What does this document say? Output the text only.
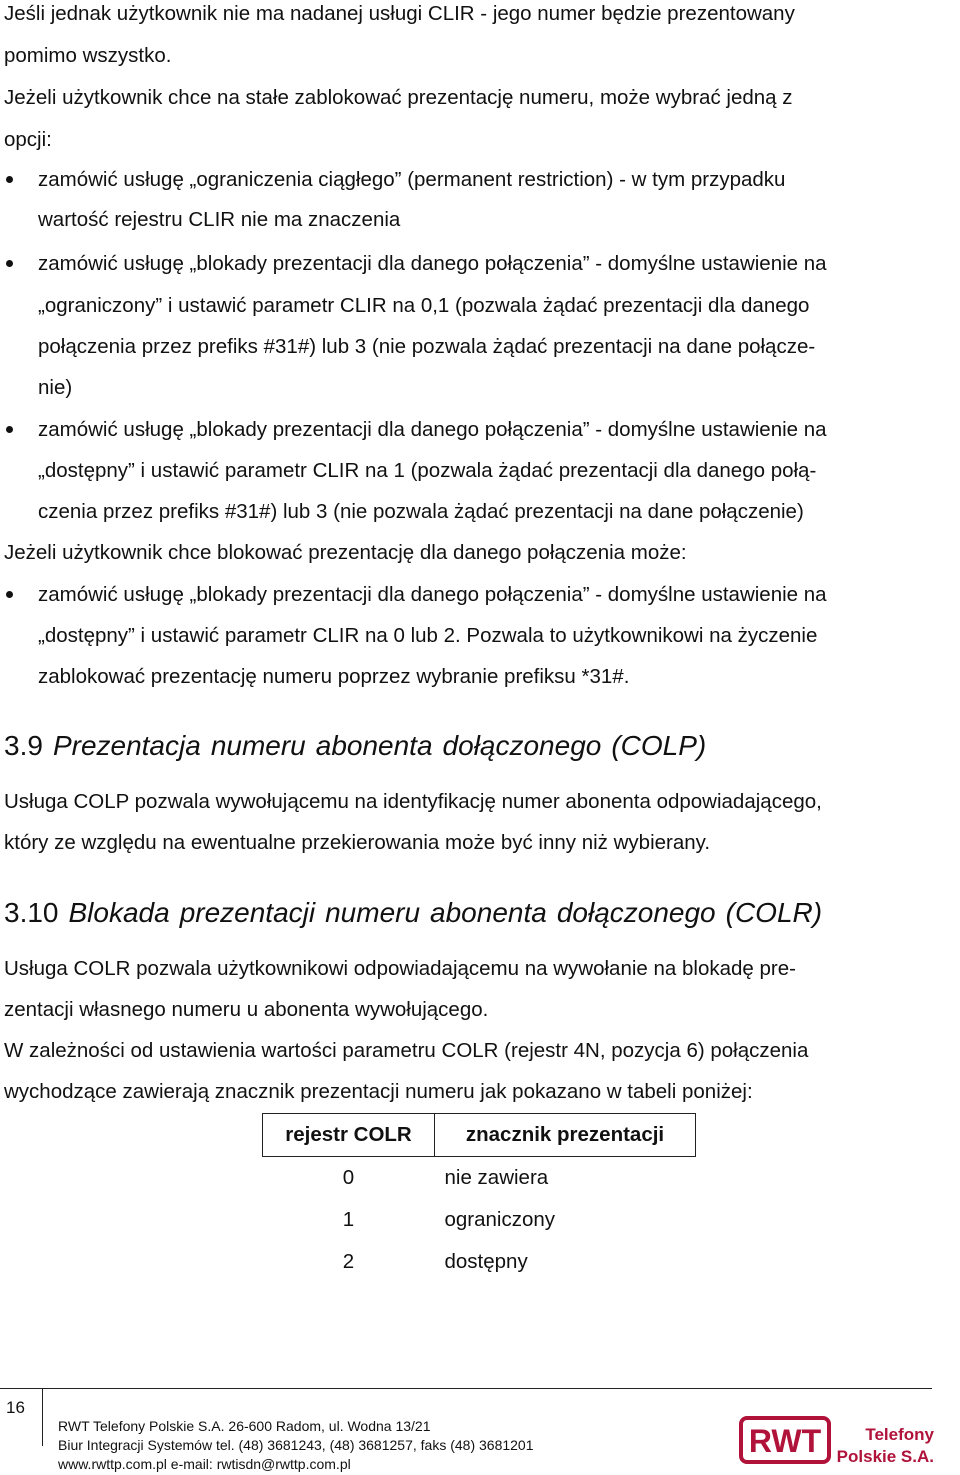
Jeśli jednak użytkownik nie ma nadanej usługi CLIR - jego numer będzie prezentowany
pomimo wszystko.
Jeżeli użytkownik chce na stałe zablokować prezentację numeru, może wybrać jedną z
opcji:
zamówić usługę „ograniczenia ciągłego” (permanent restriction) - w tym przypadku
wartość rejestru CLIR nie ma znaczenia
zamówić usługę „blokady prezentacji dla danego połączenia” - domyślne ustawienie na
„ograniczony” i ustawić parametr CLIR na 0,1 (pozwala żądać prezentacji dla danego
połączenia przez prefiks #31#) lub 3 (nie pozwala żądać prezentacji na dane połącze-
nie)
zamówić usługę „blokady prezentacji dla danego połączenia” - domyślne ustawienie na
„dostępny” i ustawić parametr CLIR na 1 (pozwala żądać prezentacji dla danego połą-
czenia przez prefiks #31#) lub 3 (nie pozwala żądać prezentacji na dane połączenie)
Jeżeli użytkownik chce blokować prezentację dla danego połączenia może:
zamówić usługę „blokady prezentacji dla danego połączenia” - domyślne ustawienie na
„dostępny” i ustawić parametr CLIR na 0 lub 2. Pozwala to użytkownikowi na życzenie
zablokować prezentację numeru poprzez wybranie prefiksu *31#.
3.9 Prezentacja numeru abonenta dołączonego (COLP)
Usługa COLP pozwala wywołującemu na identyfikację numer abonenta odpowiadającego,
który ze względu na ewentualne przekierowania może być inny niż wybierany.
3.10 Blokada prezentacji numeru abonenta dołączonego (COLR)
Usługa COLR pozwala użytkownikowi odpowiadającemu na wywołanie na blokadę pre-
zentacji własnego numeru u abonenta wywołującego.
W zależności od ustawienia wartości parametru COLR (rejestr 4N, pozycja 6) połączenia
wychodzące zawierają znacznik prezentacji numeru jak pokazano w tabeli poniżej:
rejestr COLR	znacznik prezentacji
0	nie zawiera
1	ograniczony
2	dostępny
16
RWT Telefony Polskie S.A. 26-600 Radom, ul. Wodna 13/21
Biur Integracji Systemów tel. (48) 3681243, (48) 3681257, faks (48) 3681201
www.rwttp.com.pl e-mail: rwtisdn@rwttp.com.pl
RWT	Telefony
Polskie S.A.
